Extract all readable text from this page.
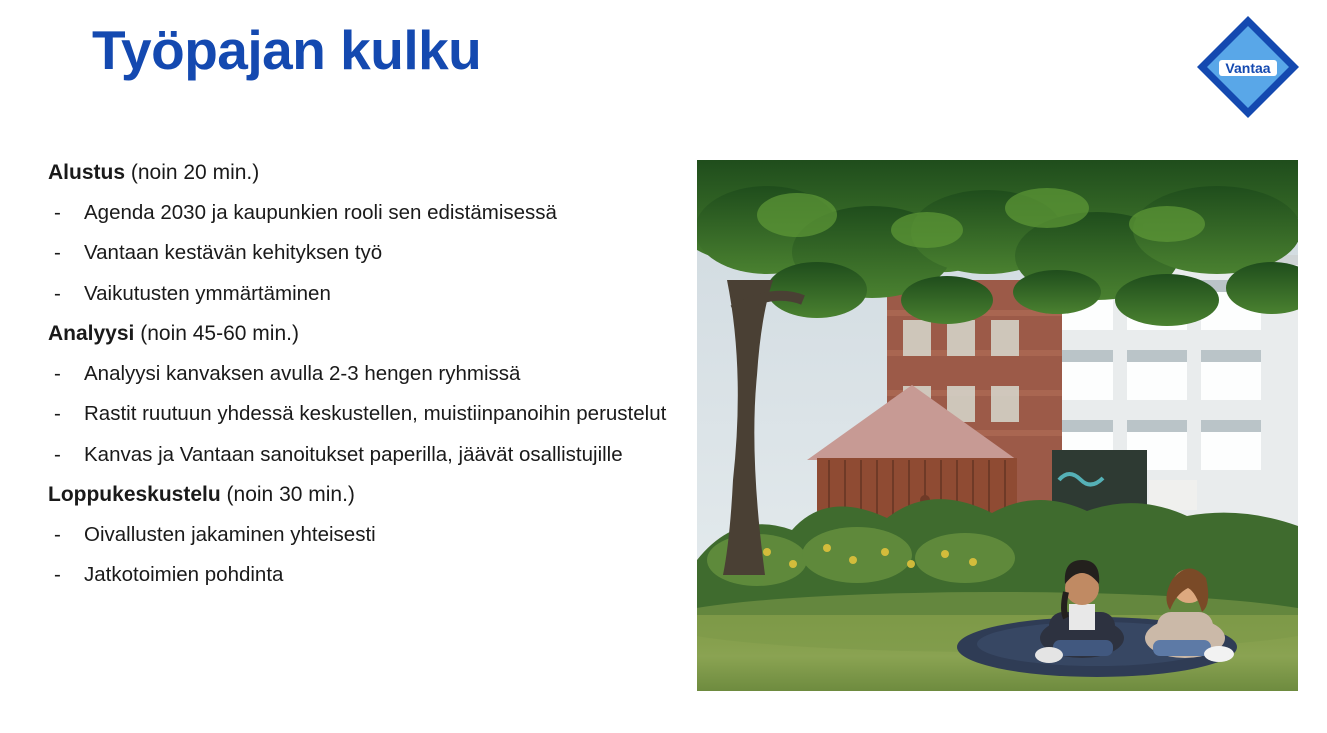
Työpajan kulku	Vantaa

Alustus (noin 20 min.)

- Agenda 2030 ja kaupunkien rooli sen edistämisessä

- Vantaan kestävän kehityksen työ

- Vaikutusten ymmärtäminen

Analyysi (noin 45-60 min.)

- Analyysi kanvaksen avulla 2-3 hengen ryhmissä

- Rastit ruutuun yhdessä keskustellen, muistiinpanoihin perustelut

- Kanvas ja Vantaan sanoitukset paperilla, jäävät osallistujille

Loppukeskustelu (noin 30 min.)

- Oivallusten jakaminen yhteisesti

- Jatkotoimien pohdinta
